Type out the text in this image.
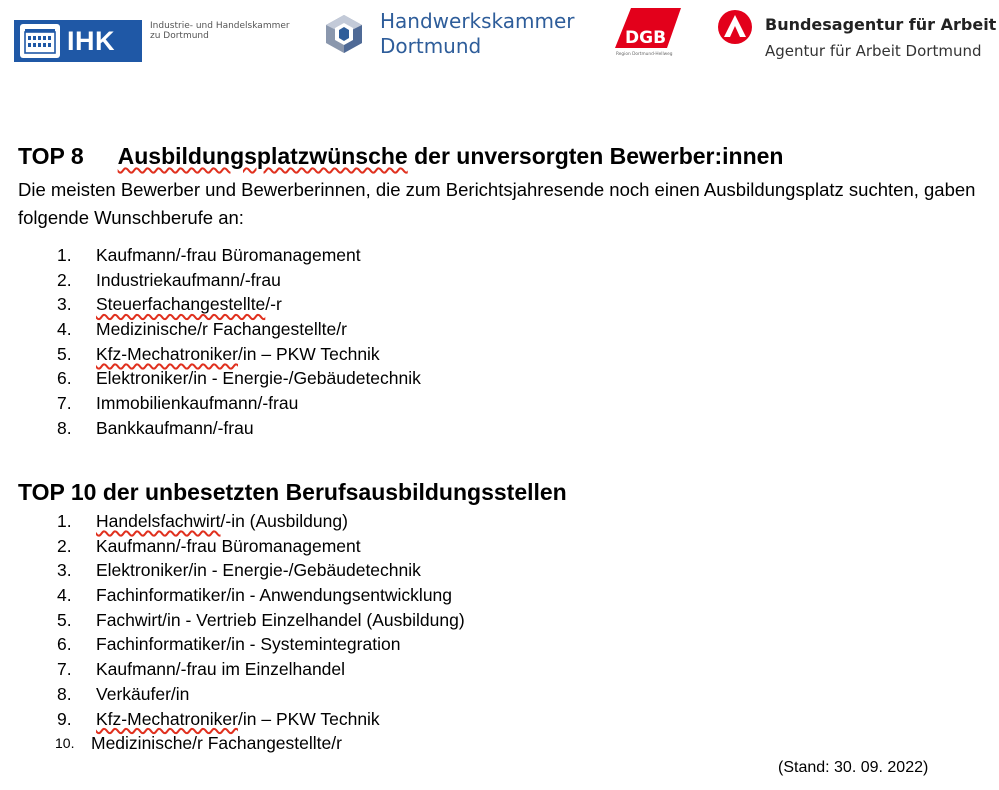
IHK	Industrie- und Handelskammer
zu Dortmund
Handwerkskammer
Dortmund	DGB
Region Dortmund-Hellweg
Bundesagentur für Arbeit
Agentur für Arbeit Dortmund
TOP 8 Ausbildungsplatzwünsche der unversorgten Bewerber:innen
Die meisten Bewerber und Bewerberinnen, die zum Berichtsjahresende noch einen Ausbildungsplatz suchten, gaben folgende Wunschberufe an:
1. Kaufmann/-frau Büromanagement
2. Industriekaufmann/-frau
3. Steuerfachangestellte/-r
4. Medizinische/r Fachangestellte/r
5. Kfz-Mechatroniker/in – PKW Technik
6. Elektroniker/in - Energie-/Gebäudetechnik
7. Immobilienkaufmann/-frau
8. Bankkaufmann/-frau
TOP 10 der unbesetzten Berufsausbildungsstellen
1. Handelsfachwirt/-in (Ausbildung)
2. Kaufmann/-frau Büromanagement
3. Elektroniker/in - Energie-/Gebäudetechnik
4. Fachinformatiker/in - Anwendungsentwicklung
5. Fachwirt/in - Vertrieb Einzelhandel (Ausbildung)
6. Fachinformatiker/in - Systemintegration
7. Kaufmann/-frau im Einzelhandel
8. Verkäufer/in
9. Kfz-Mechatroniker/in – PKW Technik
10. Medizinische/r Fachangestellte/r
(Stand: 30. 09. 2022)
